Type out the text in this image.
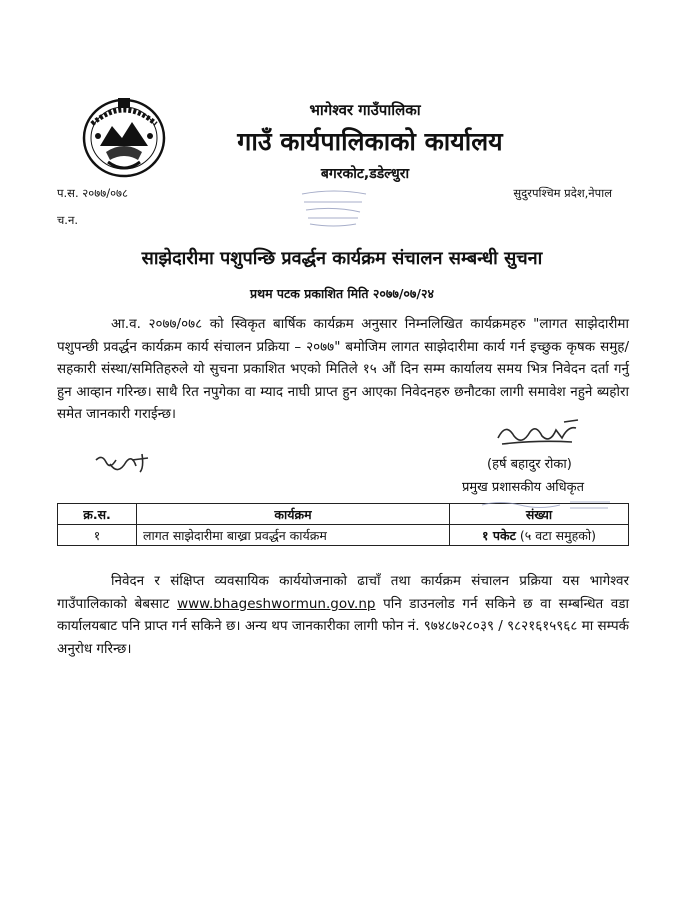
भागेश्वर गाउँपालिका
गाउँ कार्यपालिकाको कार्यालय
बगरकोट,डडेल्धुरा
प.स. २०७७/०७८	सुदुरपश्चिम प्रदेश,नेपाल
च.न.
साझेदारीमा पशुपन्छि प्रवर्द्धन कार्यक्रम संचालन सम्बन्धी सुचना
प्रथम पटक प्रकाशित मिति २०७७/०७/२४

आ.व. २०७७/०७८ को स्विकृत बार्षिक कार्यक्रम अनुसार निम्नलिखित कार्यक्रमहरु "लागत साझेदारीमा पशुपन्छी प्रवर्द्धन कार्यक्रम कार्य संचालन प्रक्रिया – २०७७" बमोजिम लागत साझेदारीमा कार्य गर्न इच्छुक कृषक समुह/सहकारी संस्था/समितिहरुले यो सुचना प्रकाशित भएको मितिले १५ औं दिन सम्म कार्यालय समय भित्र निवेदन दर्ता गर्नु हुन आव्हान गरिन्छ। साथै रित नपुगेका वा म्याद नाघी प्राप्त हुन आएका निवेदनहरु छनौटका लागी समावेश नहुने ब्यहोरा समेत जानकारी गराईन्छ।

(हर्ष बहादुर रोका)
प्रमुख प्रशासकीय अधिकृत
क्र.स.	कार्यक्रम	संख्या
१	लागत साझेदारीमा बाख्रा प्रवर्द्धन कार्यक्रम	१ पकेट (५ वटा समुहको)

निवेदन र संक्षिप्त व्यवसायिक कार्ययोजनाको ढाचाँ तथा कार्यक्रम संचालन प्रक्रिया यस भागेश्वर गाउँपालिकाको बेबसाट www.bhageshwormun.gov.np पनि डाउनलोड गर्न सकिने छ वा सम्बन्धित वडा कार्यालयबाट पनि प्राप्त गर्न सकिने छ। अन्य थप जानकारीका लागी फोन नं. ९७४८७२८०३९ / ९८२१६१५९६८ मा सम्पर्क अनुरोध गरिन्छ।
